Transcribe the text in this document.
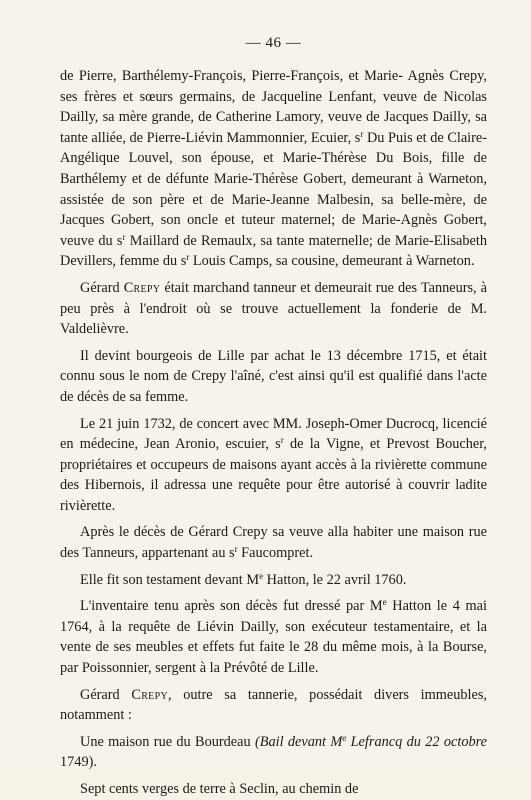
— 46 —

de Pierre, Barthélemy-François, Pierre-François, et Marie- Agnès Crepy, ses frères et sœurs germains, de Jacqueline Lenfant, veuve de Nicolas Dailly, sa mère grande, de Catherine Lamory, veuve de Jacques Dailly, sa tante alliée, de Pierre-Liévin Mammonnier, Ecuier, $s^r$ Du Puis et de Claire-Angélique Louvel, son épouse, et Marie-Thérèse Du Bois, fille de Barthélemy et de défunte Marie-Thérèse Gobert, demeurant à Warneton, assistée de son père et de Marie-Jeanne Malbesin, sa belle-mère, de Jacques Gobert, son oncle et tuteur maternel; de Marie-Agnès Gobert, veuve du $s^r$ Maillard de Remaulx, sa tante maternelle; de Marie-Elisabeth Devillers, femme du $s^r$ Louis Camps, sa cousine, demeurant à Warneton.

Gérard Crepy était marchand tanneur et demeurait rue des Tanneurs, à peu près à l'endroit où se trouve actuellement la fonderie de M. Valdelièvre.

Il devint bourgeois de Lille par achat le 13 décembre 1715, et était connu sous le nom de Crepy l'aîné, c'est ainsi qu'il est qualifié dans l'acte de décès de sa femme.

Le 21 juin 1732, de concert avec MM. Joseph-Omer Ducrocq, licencié en médecine, Jean Aronio, escuier, $s^r$ de la Vigne, et Prevost Boucher, propriétaires et occupeurs de maisons ayant accès à la rivièrette commune des Hibernois, il adressa une requête pour être autorisé à couvrir ladite rivièrette.

Après le décès de Gérard Crepy sa veuve alla habiter une maison rue des Tanneurs, appartenant au $s^r$ Faucompret.

Elle fit son testament devant Me Hatton, le 22 avril 1760.

L'inventaire tenu après son décès fut dressé par Me Hatton le 4 mai 1764, à la requête de Liévin Dailly, son exécuteur testamentaire, et la vente de ses meubles et effets fut faite le 28 du même mois, à la Bourse, par Poissonnier, sergent à la Prévôté de Lille.

Gérard Crepy, outre sa tannerie, possédait divers immeubles, notamment :

Une maison rue du Bourdeau (Bail devant Me Lefrancq du 22 octobre 1749).

Sept cents verges de terre à Seclin, au chemin de
